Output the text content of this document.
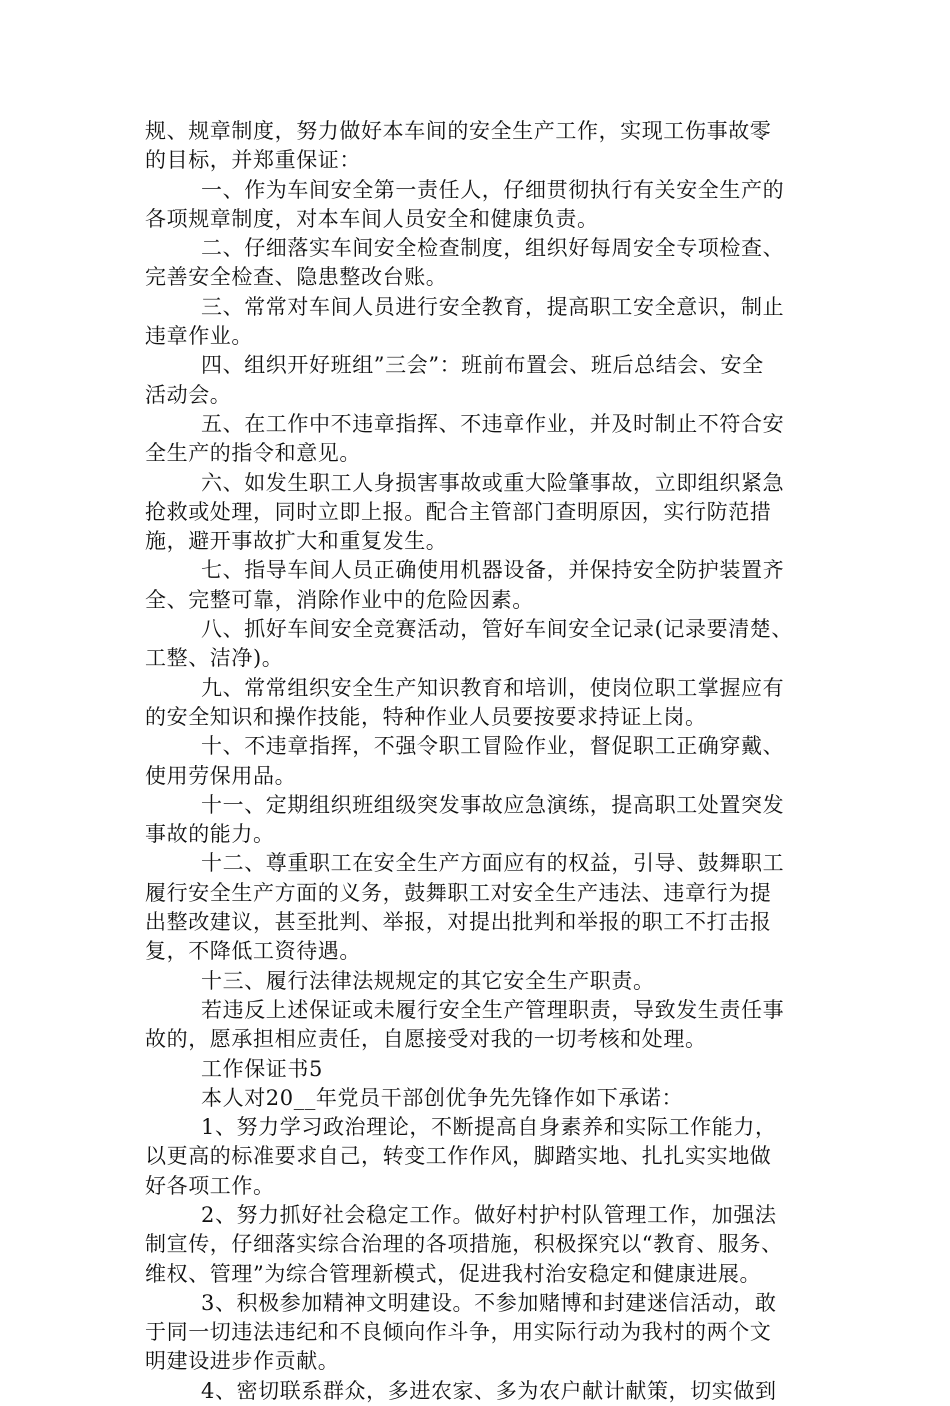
规、规章制度，努力做好本车间的安全生产工作，实现工伤事故零
的目标，并郑重保证：
一、作为车间安全第一责任人，仔细贯彻执行有关安全生产的
各项规章制度，对本车间人员安全和健康负责。
二、仔细落实车间安全检查制度，组织好每周安全专项检查、
完善安全检查、隐患整改台账。
三、常常对车间人员进行安全教育，提高职工安全意识，制止
违章作业。
四、组织开好班组”三会”：班前布置会、班后总结会、安全
活动会。
五、在工作中不违章指挥、不违章作业，并及时制止不符合安
全生产的指令和意见。
六、如发生职工人身损害事故或重大险肇事故，立即组织紧急
抢救或处理，同时立即上报。配合主管部门查明原因，实行防范措
施，避开事故扩大和重复发生。
七、指导车间人员正确使用机器设备，并保持安全防护装置齐
全、完整可靠，消除作业中的危险因素。
八、抓好车间安全竞赛活动，管好车间安全记录(记录要清楚、
工整、洁净)。
九、常常组织安全生产知识教育和培训，使岗位职工掌握应有
的安全知识和操作技能，特种作业人员要按要求持证上岗。
十、不违章指挥，不强令职工冒险作业，督促职工正确穿戴、
使用劳保用品。
十一、定期组织班组级突发事故应急演练，提高职工处置突发
事故的能力。
十二、尊重职工在安全生产方面应有的权益，引导、鼓舞职工
履行安全生产方面的义务，鼓舞职工对安全生产违法、违章行为提
出整改建议，甚至批判、举报，对提出批判和举报的职工不打击报
复，不降低工资待遇。
十三、履行法律法规规定的其它安全生产职责。
若违反上述保证或未履行安全生产管理职责，导致发生责任事
故的，愿承担相应责任，自愿接受对我的一切考核和处理。
工作保证书5
本人对20__年党员干部创优争先先锋作如下承诺：
1、努力学习政治理论，不断提高自身素养和实际工作能力，
以更高的标准要求自己，转变工作作风，脚踏实地、扎扎实实地做
好各项工作。
2、努力抓好社会稳定工作。做好村护村队管理工作，加强法
制宣传，仔细落实综合治理的各项措施，积极探究以“教育、服务、
维权、管理”为综合管理新模式，促进我村治安稳定和健康进展。
3、积极参加精神文明建设。不参加赌博和封建迷信活动，敢
于同一切违法违纪和不良倾向作斗争，用实际行动为我村的两个文
明建设进步作贡献。
4、密切联系群众，多进农家、多为农户献计献策，切实做到
